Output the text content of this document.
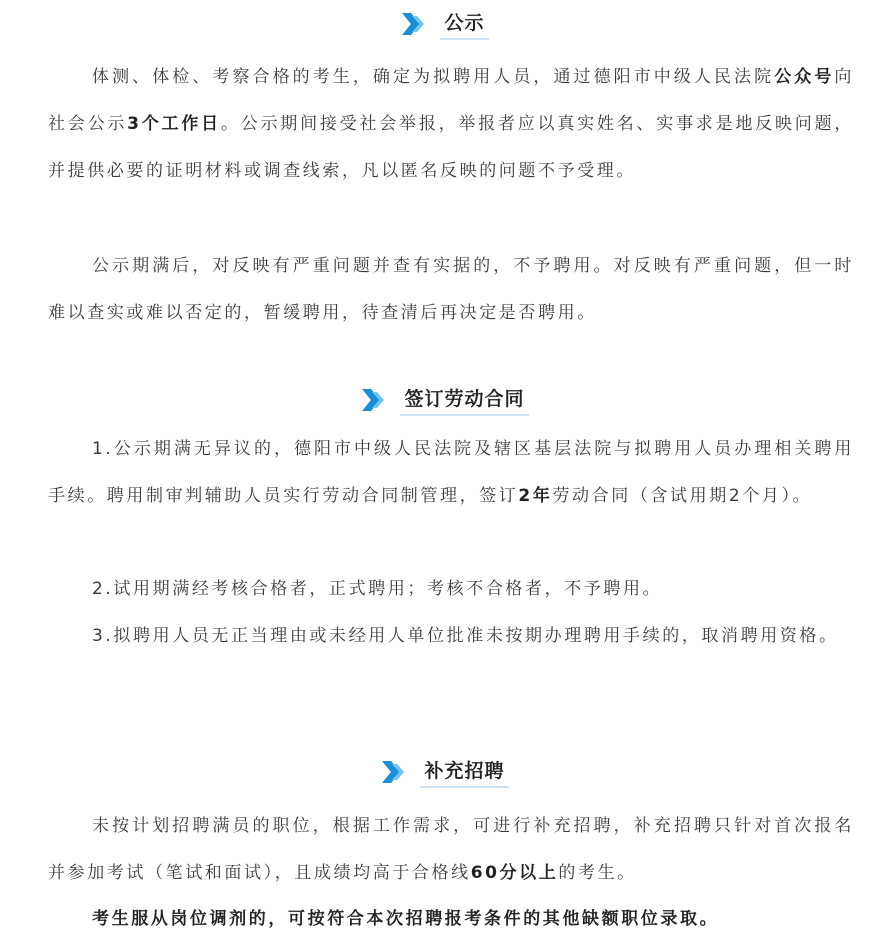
公示

体测、体检、考察合格的考生，确定为拟聘用人员，通过德阳市中级人民法院公众号向社会公示3个工作日。公示期间接受社会举报，举报者应以真实姓名、实事求是地反映问题，并提供必要的证明材料或调查线索，凡以匿名反映的问题不予受理。

公示期满后，对反映有严重问题并查有实据的，不予聘用。对反映有严重问题，但一时难以查实或难以否定的，暂缓聘用，待查清后再决定是否聘用。

签订劳动合同

1.公示期满无异议的，德阳市中级人民法院及辖区基层法院与拟聘用人员办理相关聘用手续。聘用制审判辅助人员实行劳动合同制管理，签订2年劳动合同（含试用期2个月）。

2.试用期满经考核合格者，正式聘用；考核不合格者，不予聘用。

3.拟聘用人员无正当理由或未经用人单位批准未按期办理聘用手续的，取消聘用资格。

补充招聘

未按计划招聘满员的职位，根据工作需求，可进行补充招聘，补充招聘只针对首次报名并参加考试（笔试和面试），且成绩均高于合格线60分以上的考生。

考生服从岗位调剂的，可按符合本次招聘报考条件的其他缺额职位录取。
